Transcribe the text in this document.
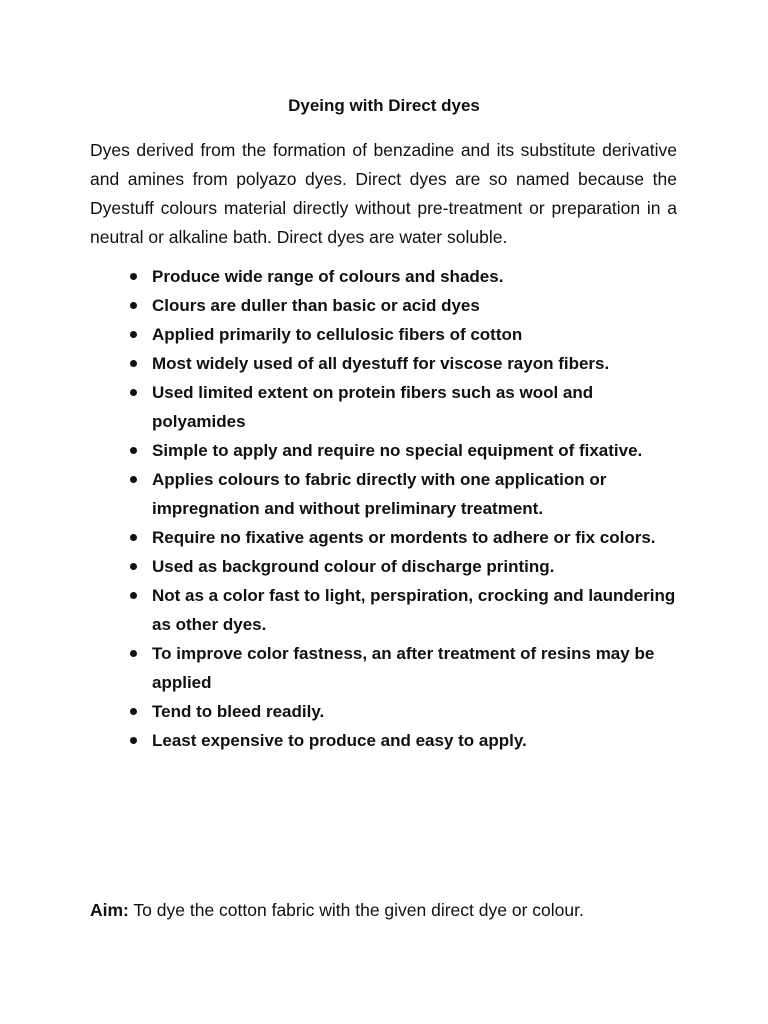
Dyeing with Direct dyes

Dyes derived from the formation of benzadine and its substitute derivative and amines from polyazo dyes. Direct dyes are so named because the Dyestuff colours material directly without pre-treatment or preparation in a neutral or alkaline bath. Direct dyes are water soluble.

Produce wide range of colours and shades.
Clours are duller than basic or acid dyes
Applied primarily to cellulosic fibers of cotton
Most widely used of all dyestuff for viscose rayon fibers.
Used limited extent on protein fibers such as wool and polyamides
Simple to apply and require no special equipment of fixative.
Applies colours to fabric directly with one application or impregnation and without preliminary treatment.
Require no fixative agents or mordents to adhere or fix colors.
Used as background colour of discharge printing.
Not as a color fast to light, perspiration, crocking and laundering as other dyes.
To improve color fastness, an after treatment of resins may be applied
Tend to bleed readily.
Least expensive to produce and easy to apply.

Aim: To dye the cotton fabric with the given direct dye or colour.
